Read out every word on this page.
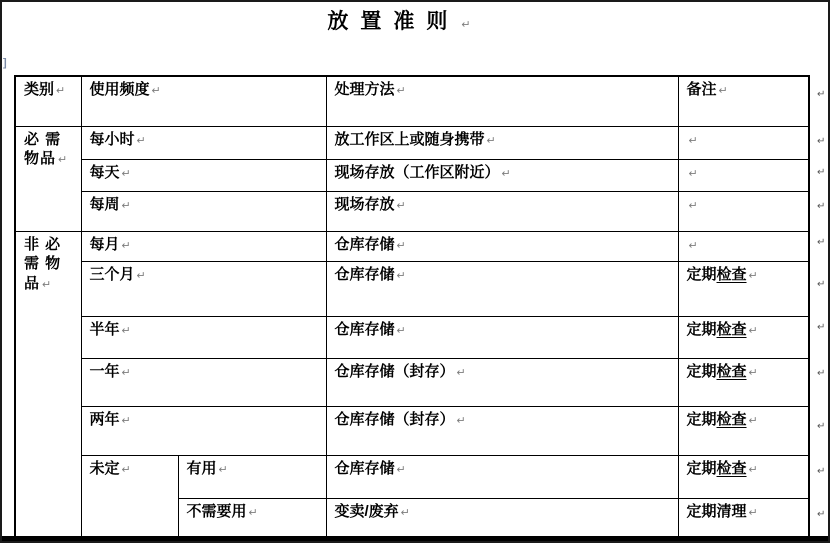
放置准则 ↵
]
类别 ↵	使用频度 ↵		处理方法 ↵	备注 ↵

必 需
物品 ↵	每小时 ↵		放工作区上或随身携带 ↵	↵
	每天 ↵		现场存放（工作区附近） ↵	↵
	每周 ↵		现场存放 ↵	↵

非 必
需 物
品 ↵	每月 ↵		仓库存储 ↵	↵
	三个月 ↵		仓库存储 ↵	定期检查 ↵
	半年 ↵		仓库存储 ↵	定期检查 ↵
	一年 ↵		仓库存储（封存） ↵	定期检查 ↵
	两年 ↵		仓库存储（封存） ↵	定期检查 ↵
	未定 ↵	有用 ↵	仓库存储 ↵	定期检查 ↵
		不需要用 ↵	变卖/废弃 ↵	定期清理 ↵
↵
↵
↵
↵
↵
↵
↵
↵
↵
↵
↵
